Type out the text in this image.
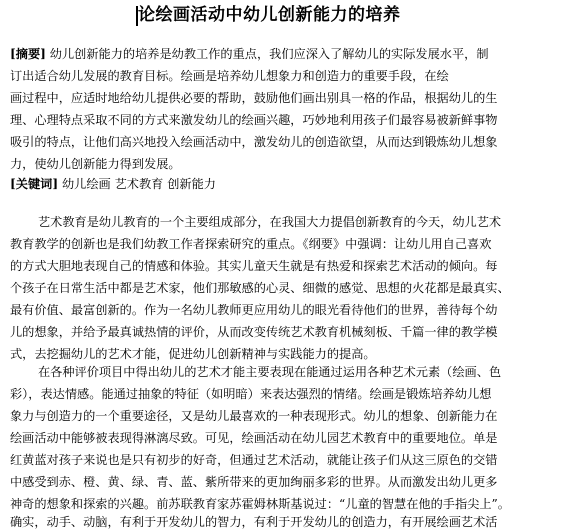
论绘画活动中幼儿创新能力的培养
[摘要] 幼儿创新能力的培养是幼教工作的重点，我们应深入了解幼儿的实际发展水平，制
订出适合幼儿发展的教育目标。绘画是培养幼儿想象力和创造力的重要手段，在绘
画过程中，应适时地给幼儿提供必要的帮助，鼓励他们画出别具一格的作品，根据幼儿的生
理、心理特点采取不同的方式来激发幼儿的绘画兴趣，巧妙地利用孩子们最容易被新鲜事物
吸引的特点，让他们高兴地投入绘画活动中，激发幼儿的创造欲望，从而达到锻炼幼儿想象
力，使幼儿创新能力得到发展。
[关键词] 幼儿绘画 艺术教育 创新能力
艺术教育是幼儿教育的一个主要组成部分，在我国大力提倡创新教育的今天，幼儿艺术
教育教学的创新也是我们幼教工作者探索研究的重点。《纲要》中强调：让幼儿用自己喜欢
的方式大胆地表现自己的情感和体验。其实儿童天生就是有热爱和探索艺术活动的倾向。每
个孩子在日常生活中都是艺术家，他们那敏感的心灵、细微的感觉、思想的火花都是最真实、
最有价值、最富创新的。作为一名幼儿教师更应用幼儿的眼光看待他们的世界，善待每个幼
儿的想象，并给予最真诚热情的评价，从而改变传统艺术教育机械刻板、千篇一律的教学模
式，去挖掘幼儿的艺术才能，促进幼儿创新精神与实践能力的提高。
在各种评价项目中得出幼儿的艺术才能主要表现在能通过运用各种艺术元素（绘画、色
彩），表达情感。能通过抽象的特征（如明暗）来表达强烈的情绪。绘画是锻炼培养幼儿想
象力与创造力的一个重要途径，又是幼儿最喜欢的一种表现形式。幼儿的想象、创新能力在
绘画活动中能够被表现得淋漓尽致。可见，绘画活动在幼儿园艺术教育中的重要地位。单是
红黄蓝对孩子来说也是只有初步的好奇，但通过艺术活动，就能让孩子们从这三原色的交错
中感受到赤、橙、黄、绿、青、蓝、紫所带来的更加绚丽多彩的世界。从而激发出幼儿更多
神奇的想象和探索的兴趣。前苏联教育家苏霍姆林斯基说过：“儿童的智慧在他的手指尖上”。
确实，动手、动脑，有利于开发幼儿的智力，有利于开发幼儿的创造力，有开展绘画艺术活
